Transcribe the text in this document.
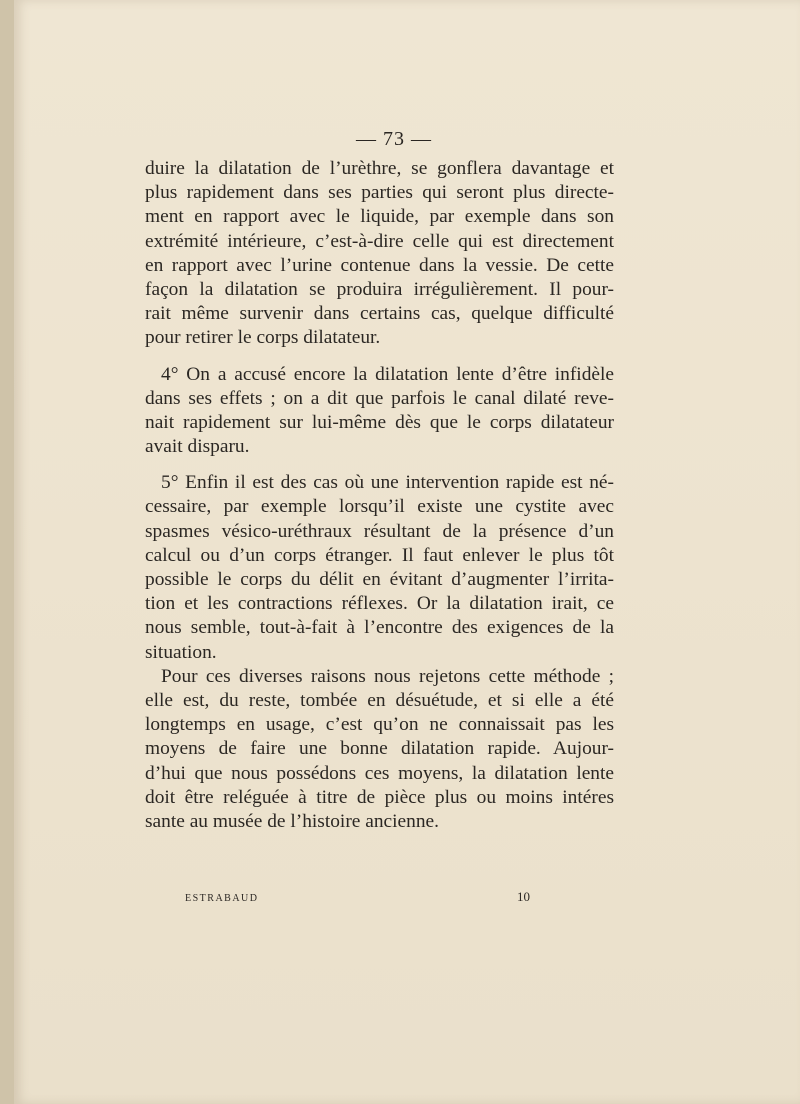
— 73 —
duire la dilatation de l’urèthre, se gonflera davantage et
plus rapidement dans ses parties qui seront plus directe-
ment en rapport avec le liquide, par exemple dans son
extrémité intérieure, c’est-à-dire celle qui est directement
en rapport avec l’urine contenue dans la vessie. De cette
façon la dilatation se produira irrégulièrement. Il pour-
rait même survenir dans certains cas, quelque difficulté
pour retirer le corps dilatateur.
4° On a accusé encore la dilatation lente d’être infidèle
dans ses effets ; on a dit que parfois le canal dilaté reve-
nait rapidement sur lui-même dès que le corps dilatateur
avait disparu.
5° Enfin il est des cas où une intervention rapide est né-
cessaire, par exemple lorsqu’il existe une cystite avec
spasmes vésico-uréthraux résultant de la présence d’un
calcul ou d’un corps étranger. Il faut enlever le plus tôt
possible le corps du délit en évitant d’augmenter l’irrita-
tion et les contractions réflexes. Or la dilatation irait, ce
nous semble, tout-à-fait à l’encontre des exigences de la
situation.
Pour ces diverses raisons nous rejetons cette méthode ;
elle est, du reste, tombée en désuétude, et si elle a été
longtemps en usage, c’est qu’on ne connaissait pas les
moyens de faire une bonne dilatation rapide. Aujour-
d’hui que nous possédons ces moyens, la dilatation lente
doit être reléguée à titre de pièce plus ou moins intéres
sante au musée de l’histoire ancienne.
ESTRABAUD	10
